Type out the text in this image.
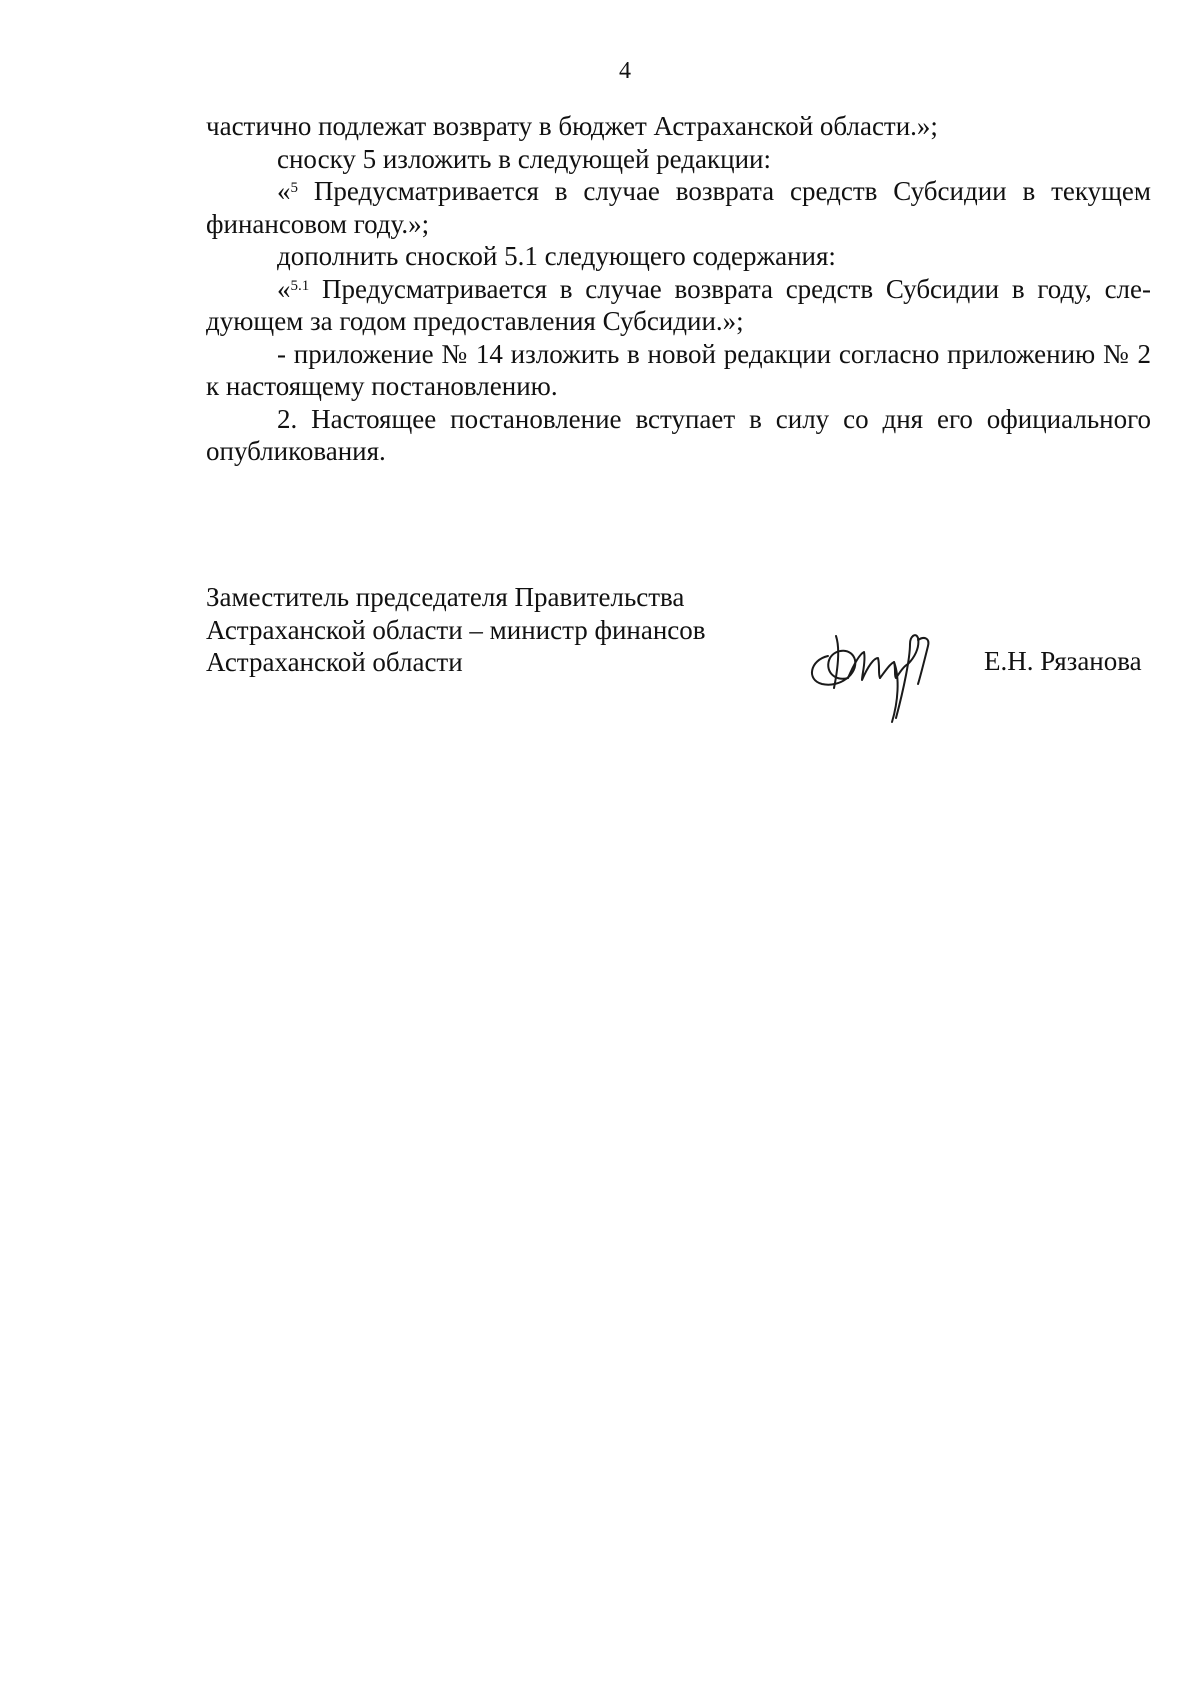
4

частично подлежат возврату в бюджет Астраханской области.»;

сноску 5 изложить в следующей редакции:

«$^5$ Предусматривается в случае возврата средств Субсидии в текущем финансовом году.»;

дополнить сноской 5.1 следующего содержания:

«$^{5.1}$ Предусматривается в случае возврата средств Субсидии в году, сле-

дующем за годом предоставления Субсидии.»;

- приложение № 14 изложить в новой редакции согласно приложению № 2 к настоящему постановлению.

2. Настоящее постановление вступает в силу со дня его официального опубликования.

Заместитель председателя Правительства
Астраханской области – министр финансов
Астраханской области	Е.Н. Рязанова
